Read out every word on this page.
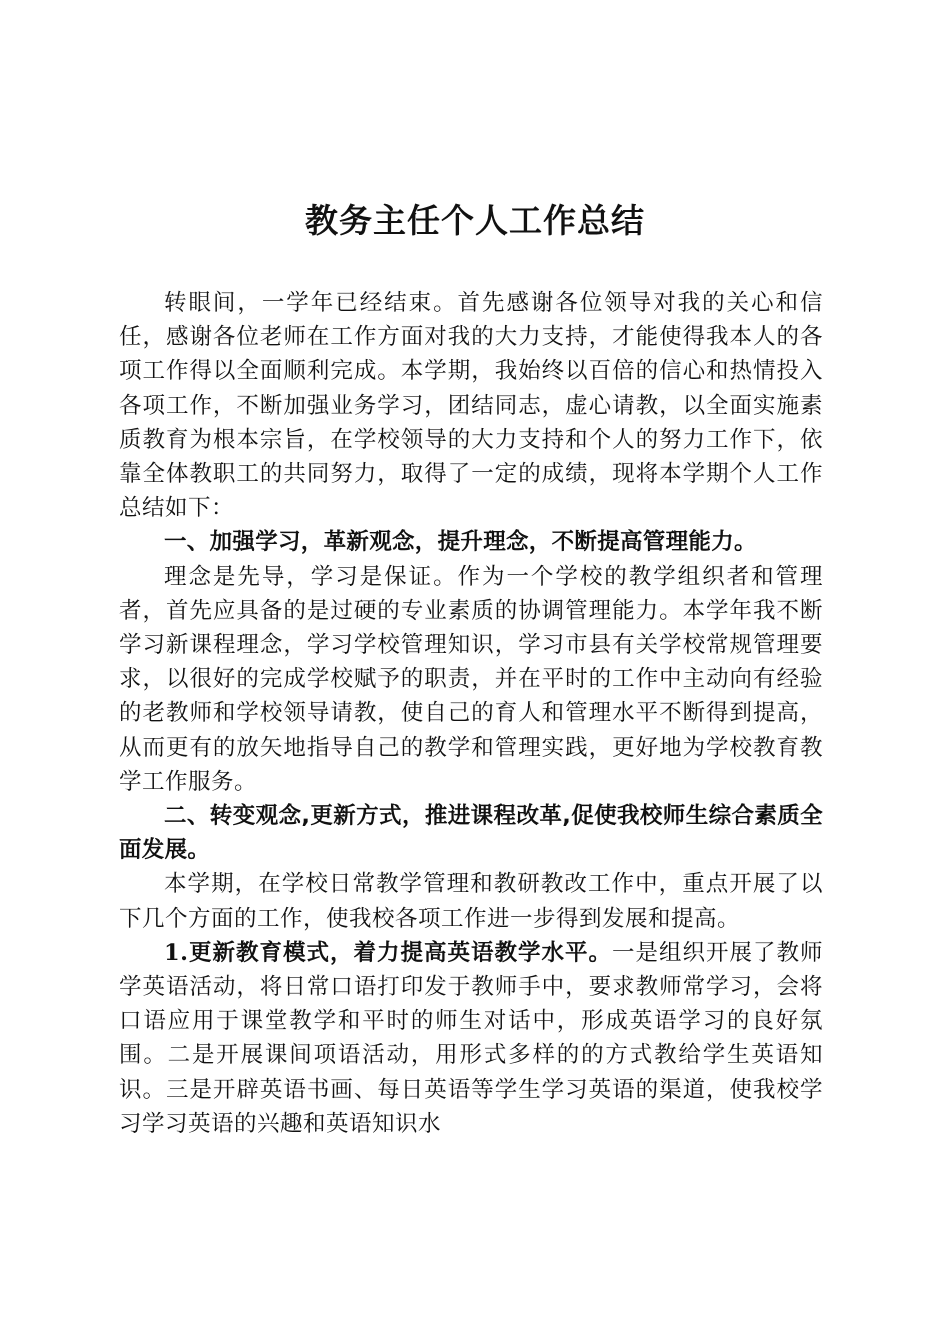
教务主任个人工作总结

转眼间，一学年已经结束。首先感谢各位领导对我的关心和信任，感谢各位老师在工作方面对我的大力支持，才能使得我本人的各项工作得以全面顺利完成。本学期，我始终以百倍的信心和热情投入各项工作，不断加强业务学习，团结同志，虚心请教，以全面实施素质教育为根本宗旨，在学校领导的大力支持和个人的努力工作下，依靠全体教职工的共同努力，取得了一定的成绩，现将本学期个人工作总结如下：

一、加强学习，革新观念，提升理念，不断提高管理能力。

理念是先导，学习是保证。作为一个学校的教学组织者和管理者，首先应具备的是过硬的专业素质的协调管理能力。本学年我不断学习新课程理念，学习学校管理知识，学习市县有关学校常规管理要求，以很好的完成学校赋予的职责，并在平时的工作中主动向有经验的老教师和学校领导请教，使自己的育人和管理水平不断得到提高，从而更有的放矢地指导自己的教学和管理实践，更好地为学校教育教学工作服务。

二、转变观念,更新方式，推进课程改革,促使我校师生综合素质全面发展。

本学期，在学校日常教学管理和教研教改工作中，重点开展了以下几个方面的工作，使我校各项工作进一步得到发展和提高。

1.更新教育模式，着力提高英语教学水平。一是组织开展了教师学英语活动，将日常口语打印发于教师手中，要求教师常学习，会将口语应用于课堂教学和平时的师生对话中，形成英语学习的良好氛围。二是开展课间项语活动，用形式多样的的方式教给学生英语知识。三是开辟英语书画、每日英语等学生学习英语的渠道，使我校学习学习英语的兴趣和英语知识水
